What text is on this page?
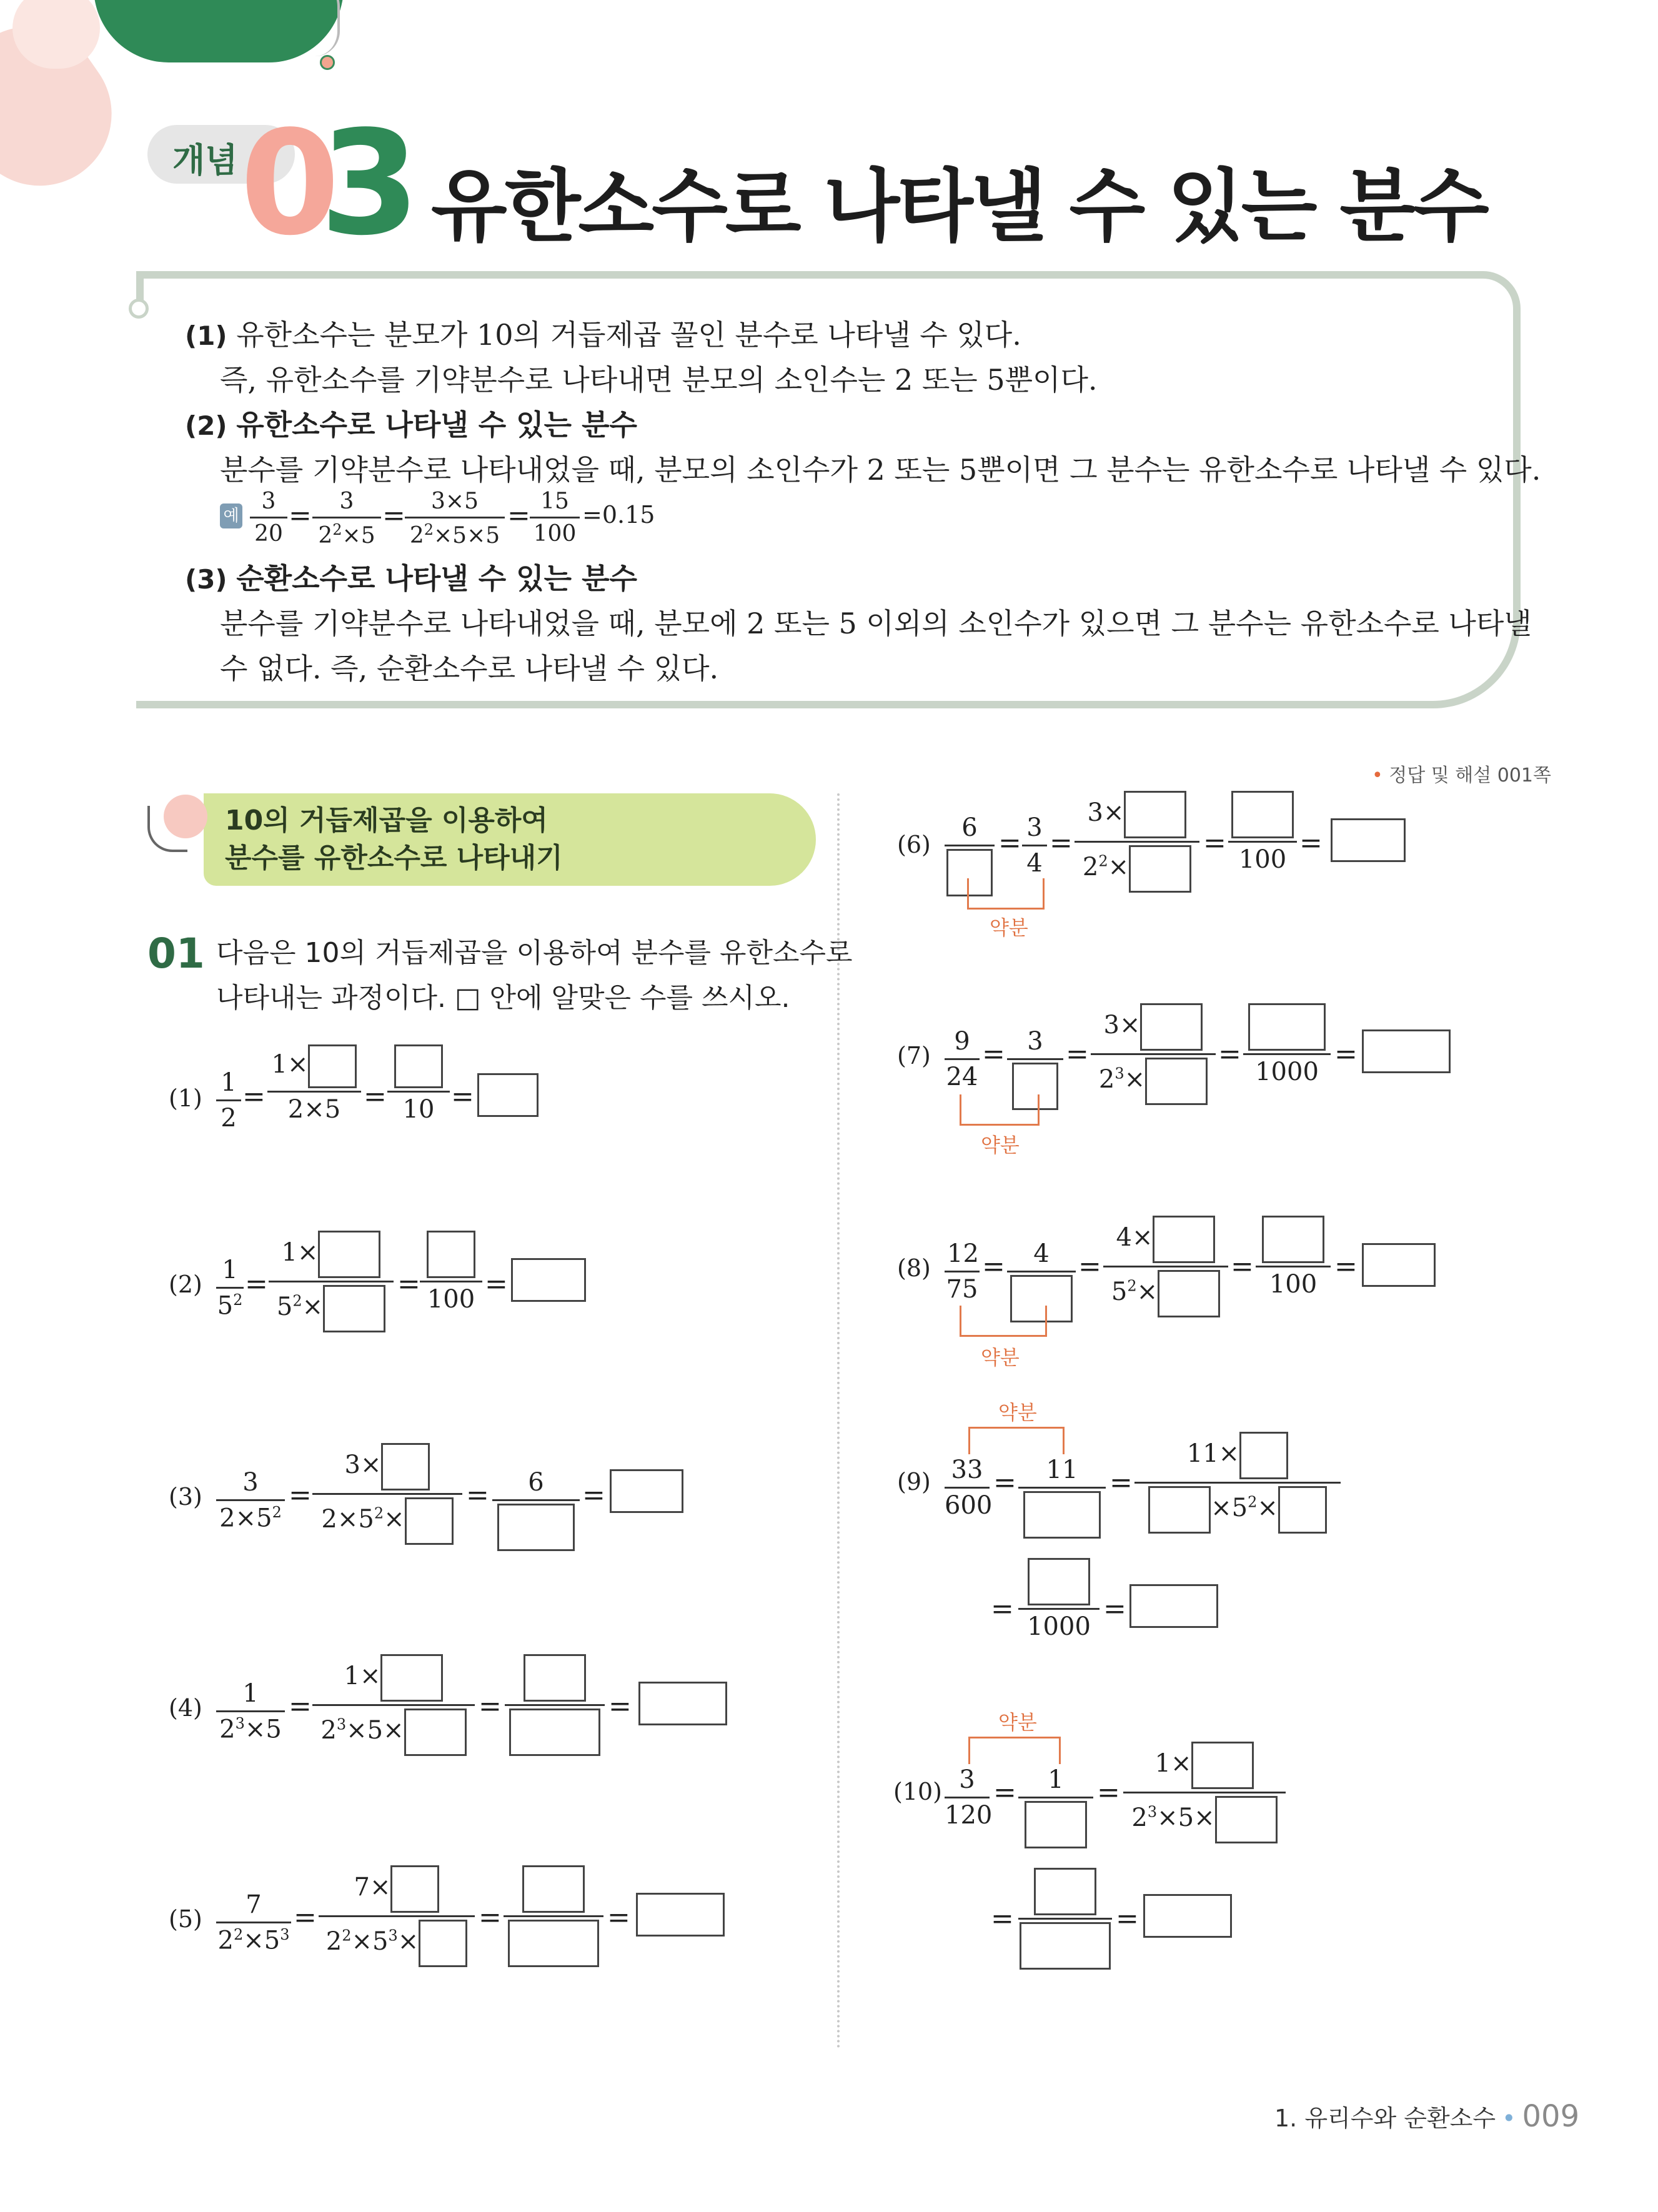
개념 0
3 유한소수로 나타낼 수 있는 분수
(1) 유한소수는 분모가 10의 거듭제곱 꼴인 분수로 나타낼 수 있다.
즉, 유한소수를 기약분수로 나타내면 분모의 소인수는 2 또는 5뿐이다.
(2) 유한소수로 나타낼 수 있는 분수
분수를 기약분수로 나타내었을 때, 분모의 소인수가 2 또는 5뿐이면 그 분수는 유한소수로 나타낼 수 있다.
예
3
20
=	3
$2^2\times 5$
=	3×5
$2^2\times 5\times 5$
= 15
100
=0.15
(3) 순환소수로 나타낼 수 있는 분수
분수를 기약분수로 나타내었을 때, 분모에 2 또는 5 이외의 소인수가 있으면 그 분수는 유한소수로 나타낼
수 없다. 즉, 순환소수로 나타낼 수 있다.
• 정답 및 해설 001쪽
10의 거듭제곱을 이용하여
분수를 유한소수로 나타내기
01 다음은 10의 거듭제곱을 이용하여 분수를 유한소수로
나타내는 과정이다. □ 안에 알맞은 수를 쓰시오.
(1)
1
2
=
1×
2×5 = 10 =
(2) 1
$5^2$ =
1×
$5^2\times$
= 100 =
(3)	3
$2\times 5^2$
=
3×
$2\times 5^2\times$
=	6	=
(4)	1
$2^3\times 5$
=
1×
$2^3\times 5\times$
=	=
(5)	7
$2^2\times 5^3$
=
7×
$2^2\times 5^3\times$
=	=
(6)
6 = 3
4
=
3×
$2^2\times$
=
100
=
약분
(7) 9
24
= 3 =
3×
$2^3\times$
=
1000
=
약분
(8) 12
75
=	4	=
4×
$5^2\times$
=
100
=
약분
약분
(9) 33
600
=	11	=
11×
$\times 5^2\times$
=
1000
=
약분
(10) 3
120
=	1	=
1×
$2^3\times 5\times$
=	=
1. 유리수와 순환소수 • 009
